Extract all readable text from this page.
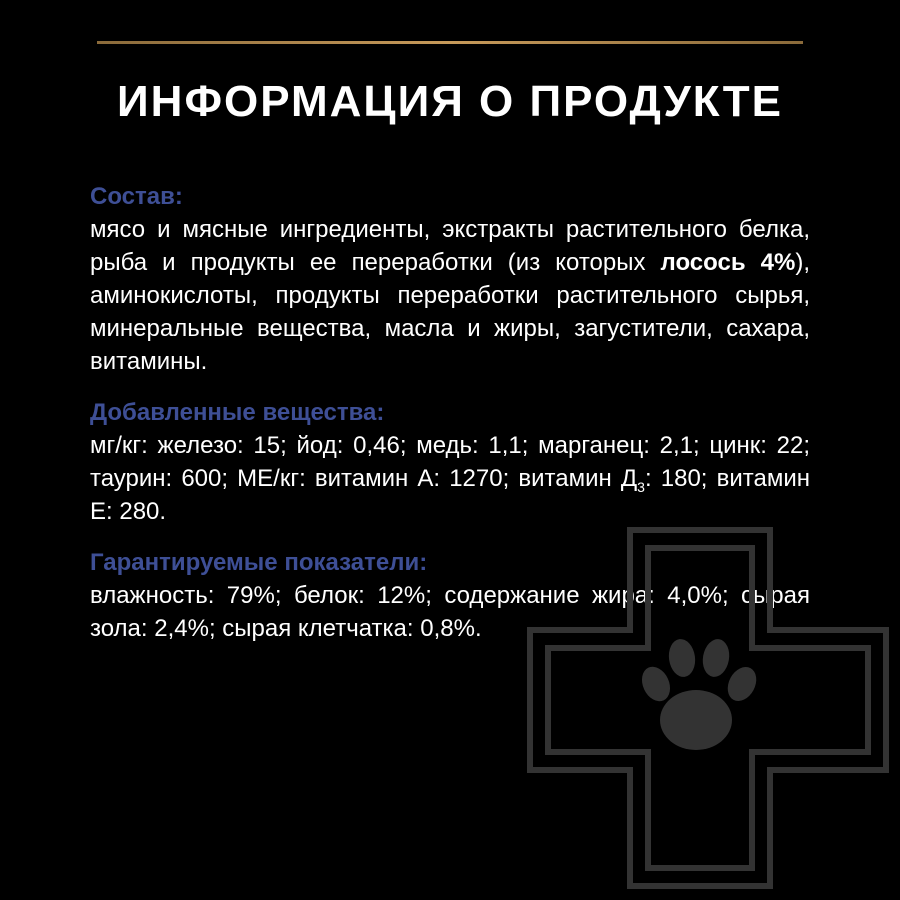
ИНФОРМАЦИЯ О ПРОДУКТЕ
Состав:
мясо и мясные ингредиенты, экстракты растительного белка, рыба и продукты ее переработки (из которых лосось 4%), аминокислоты, продукты переработки растительного сырья, минеральные вещества, масла и жиры, загустители, сахара, витамины.
Добавленные вещества:
мг/кг: железо: 15; йод: 0,46; медь: 1,1; марганец: 2,1; цинк: 22; таурин: 600; МЕ/кг: витамин А: 1270; витамин $Д_3$: 180; витамин Е: 280.
Гарантируемые показатели:
влажность: 79%; белок: 12%; содержание жира: 4,0%; сырая зола: 2,4%; сырая клетчатка: 0,8%.
